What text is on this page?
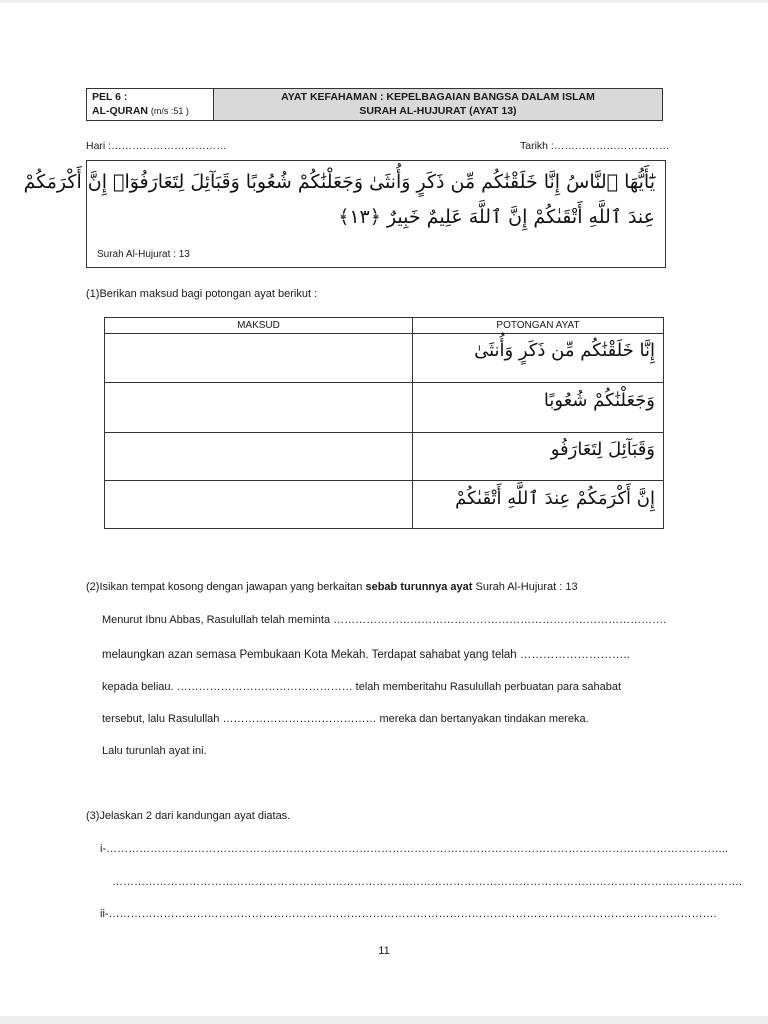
PEL 6 :
AL-QURAN (m/s :51 )
AYAT KEFAHAMAN : KEPELBAGAIAN BANGSA DALAM ISLAM
SURAH AL-HUJURAT (AYAT 13)
Hari :……………………………	Tarikh :……………………………
يَٰٓأَيُّهَا ٱلنَّاسُ إِنَّا خَلَقْنَٰكُم مِّن ذَكَرٍ وَأُنثَىٰ وَجَعَلْنَٰكُمْ شُعُوبًا وَقَبَآئِلَ لِتَعَارَفُوٓا۟ إِنَّ أَكْرَمَكُمْ
عِندَ ٱللَّهِ أَتْقَىٰكُمْ إِنَّ ٱللَّهَ عَلِيمٌ خَبِيرٌ ﴿١٣﴾
Surah Al-Hujurat : 13
(1)Berikan maksud bagi potongan ayat berikut :
MAKSUD	POTONGAN AYAT
إِنَّا خَلَقْنَٰكُم مِّن ذَكَرٍ وَأُنثَىٰ
وَجَعَلْنَٰكُمْ شُعُوبًا
وَقَبَآئِلَ لِتَعَارَفُو
إِنَّ أَكْرَمَكُمْ عِندَ ٱللَّهِ أَتْقَىٰكُمْ
(2)Isikan tempat kosong dengan jawapan yang berkaitan sebab turunnya ayat Surah Al-Hujurat : 13
Menurut Ibnu Abbas, Rasulullah telah meminta ……………………………………………………………………………….
melaungkan azan semasa Pembukaan Kota Mekah. Terdapat sahabat yang telah ………………………..
kepada beliau. ………………………………………… telah memberitahu Rasulullah perbuatan para sahabat
tersebut, lalu Rasulullah …………………………………… mereka dan bertanyakan tindakan mereka.
Lalu turunlah ayat ini.
(3)Jelaskan 2 dari kandungan ayat diatas.
i-……………………………………………………………………………………………………………………………………………………..
……………………………………………………………………………………………………………………………………………………….
ii-………………………………………………………………………………………………………………………………………………….
11
